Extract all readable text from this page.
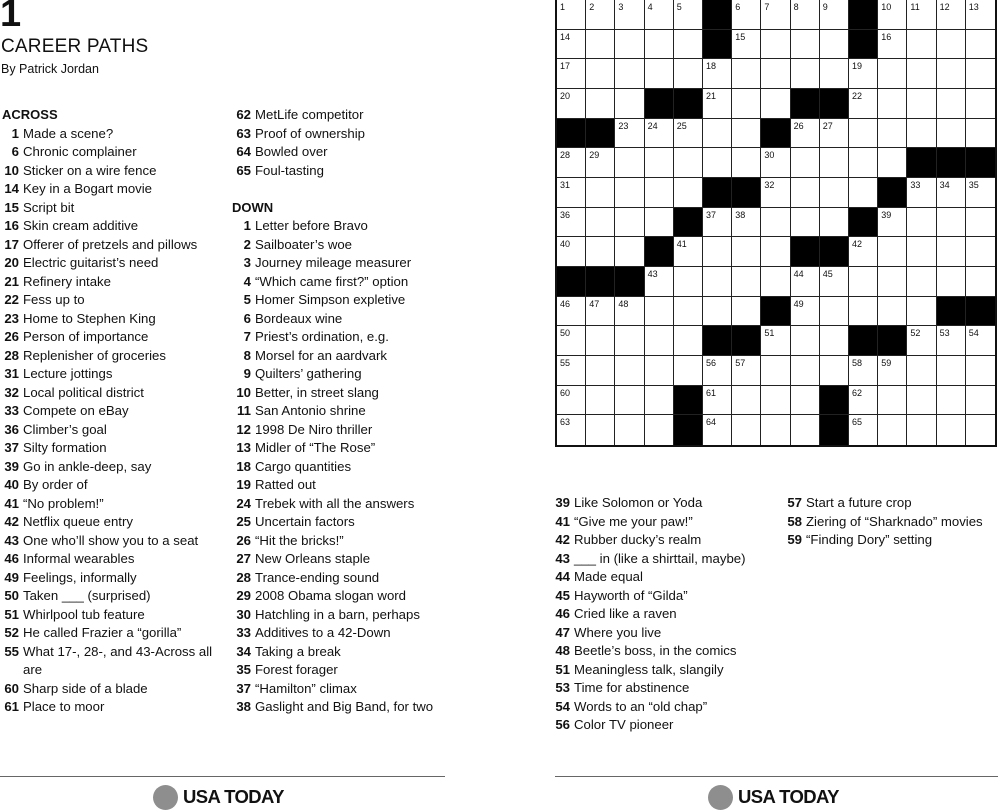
1
CAREER PATHS
By Patrick Jordan
ACROSS
1 Made a scene?
6 Chronic complainer
10 Sticker on a wire fence
14 Key in a Bogart movie
15 Script bit
16 Skin cream additive
17 Offerer of pretzels and pillows
20 Electric guitarist’s need
21 Refinery intake
22 Fess up to
23 Home to Stephen King
26 Person of importance
28 Replenisher of groceries
31 Lecture jottings
32 Local political district
33 Compete on eBay
36 Climber’s goal
37 Silty formation
39 Go in ankle-deep, say
40 By order of
41 “No problem!”
42 Netflix queue entry
43 One who’ll show you to a seat
46 Informal wearables
49 Feelings, informally
50 Taken ___ (surprised)
51 Whirlpool tub feature
52 He called Frazier a “gorilla”
55 What 17-, 28-, and 43-Across all are
60 Sharp side of a blade
61 Place to moor
62 MetLife competitor
63 Proof of ownership
64 Bowled over
65 Foul-tasting
DOWN
1 Letter before Bravo
2 Sailboater’s woe
3 Journey mileage measurer
4 “Which came first?” option
5 Homer Simpson expletive
6 Bordeaux wine
7 Priest’s ordination, e.g.
8 Morsel for an aardvark
9 Quilters’ gathering
10 Better, in street slang
11 San Antonio shrine
12 1998 De Niro thriller
13 Midler of “The Rose”
18 Cargo quantities
19 Ratted out
24 Trebek with all the answers
25 Uncertain factors
26 “Hit the bricks!”
27 New Orleans staple
28 Trance-ending sound
29 2008 Obama slogan word
30 Hatchling in a barn, perhaps
33 Additives to a 42-Down
34 Taking a break
35 Forest forager
37 “Hamilton” climax
38 Gaslight and Big Band, for two
USA TODAY
1	2	3	4	5	6	7	8	9	10 11 12 13
14	15	16
17	18	19
20	21	22
23 24 25	26 27
28 29	30
31	32	33 34 35
36	37 38	39
40	41	42
43	44 45
46 47 48	49
50	51	52 53 54
55	56 57	58 59
60	61	62
63	64	65
39 Like Solomon or Yoda
41 “Give me your paw!”
42 Rubber ducky’s realm
43 ___ in (like a shirttail, maybe)
44 Made equal
45 Hayworth of “Gilda”
46 Cried like a raven
47 Where you live
48 Beetle’s boss, in the comics
51 Meaningless talk, slangily
53 Time for abstinence
54 Words to an “old chap”
56 Color TV pioneer
57 Start a future crop
58 Ziering of “Sharknado” movies
59 “Finding Dory” setting
USA TODAY
